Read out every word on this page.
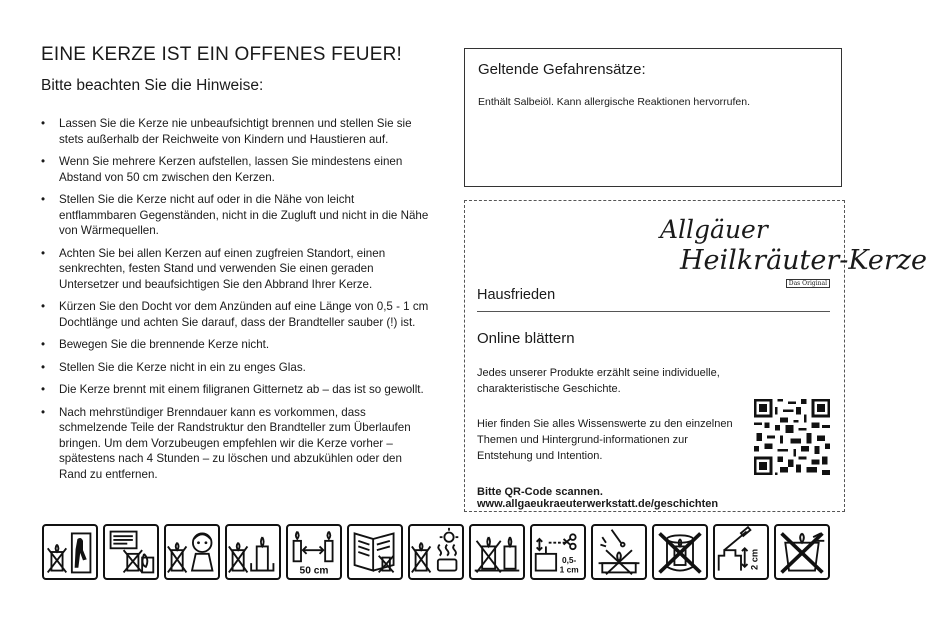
EINE KERZE IST EIN OFFENES FEUER!
Bitte beachten Sie die Hinweise:
• Lassen Sie die Kerze nie unbeaufsichtigt brennen und stellen Sie sie stets außerhalb der Reichweite von Kindern und Haustieren auf.
• Wenn Sie mehrere Kerzen aufstellen, lassen Sie mindestens einen Abstand von 50 cm zwischen den Kerzen.
• Stellen Sie die Kerze nicht auf oder in die Nähe von leicht entflammbaren Gegenständen, nicht in die Zugluft und nicht in die Nähe von Wärmequellen.
• Achten Sie bei allen Kerzen auf einen zugfreien Standort, einen senkrechten, festen Stand und verwenden Sie einen geraden Untersetzer und beaufsichtigen Sie den Abbrand Ihrer Kerze.
• Kürzen Sie den Docht vor dem Anzünden auf eine Länge von 0,5 - 1 cm Dochtlänge und achten Sie darauf, dass der Brandteller sauber (!) ist.
• Bewegen Sie die brennende Kerze nicht.
• Stellen Sie die Kerze nicht in ein zu enges Glas.
• Die Kerze brennt mit einem filigranen Gitternetz ab – das ist so gewollt.
• Nach mehrstündiger Brenndauer kann es vorkommen, dass schmelzende Teile der Randstruktur den Brandteller zum Überlaufen bringen. Um dem Vorzubeugen empfehlen wir die Kerze vorher – spätestens nach 4 Stunden – zu löschen und abzukühlen oder den Rand zu entfernen.
Geltende Gefahrensätze:

Enthält Salbeiöl. Kann allergische Reaktionen hervorrufen.

Allgäuer
Heilkräuter-Kerze
Das Original
Hausfrieden
Online blättern

Jedes unserer Produkte erzählt seine individuelle, charakteristische Geschichte.

Hier finden Sie alles Wissenswerte zu den einzelnen Themen und Hintergrund-informationen zur Entstehung und Intention.

Bitte QR-Code scannen. www.allgaeukraeuterwerkstatt.de/geschichten
50 cm
0,5-
1 cm	2 cm
